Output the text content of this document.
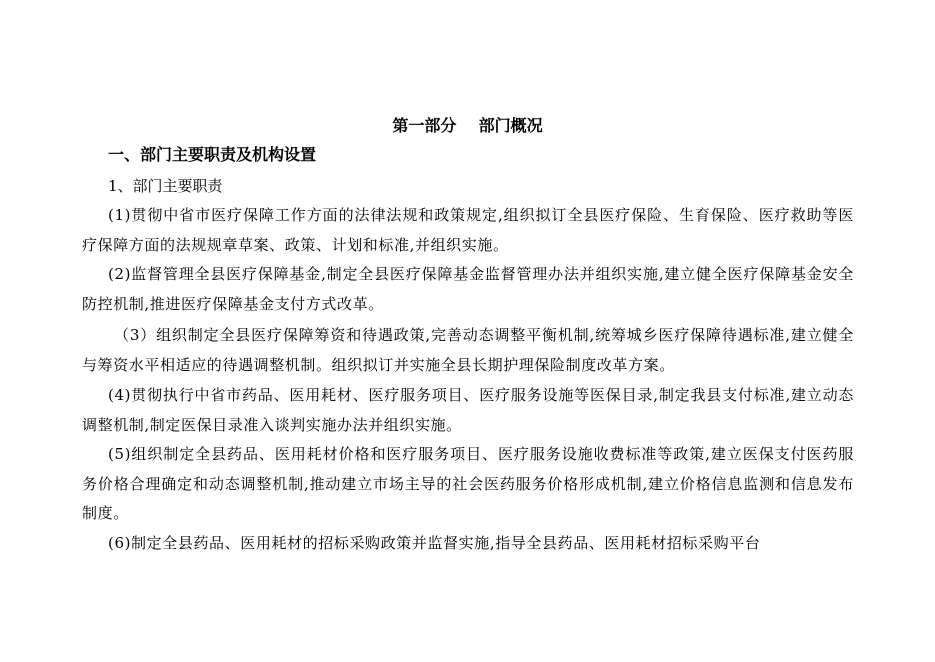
第一部分    部门概况
一、部门主要职责及机构设置
1、部门主要职责
(1)贯彻中省市医疗保障工作方面的法律法规和政策规定,组织拟订全县医疗保险、生育保险、医疗救助等医疗保障方面的法规规章草案、政策、计划和标准,并组织实施。
(2)监督管理全县医疗保障基金,制定全县医疗保障基金监督管理办法并组织实施,建立健全医疗保障基金安全防控机制,推进医疗保障基金支付方式改革。
（3）组织制定全县医疗保障筹资和待遇政策,完善动态调整平衡机制,统筹城乡医疗保障待遇标准,建立健全与筹资水平相适应的待遇调整机制。组织拟订并实施全县长期护理保险制度改革方案。
(4)贯彻执行中省市药品、医用耗材、医疗服务项目、医疗服务设施等医保目录,制定我县支付标准,建立动态调整机制,制定医保目录准入谈判实施办法并组织实施。
(5)组织制定全县药品、医用耗材价格和医疗服务项目、医疗服务设施收费标准等政策,建立医保支付医药服务价格合理确定和动态调整机制,推动建立市场主导的社会医药服务价格形成机制,建立价格信息监测和信息发布制度。
(6)制定全县药品、医用耗材的招标采购政策并监督实施,指导全县药品、医用耗材招标采购平台
